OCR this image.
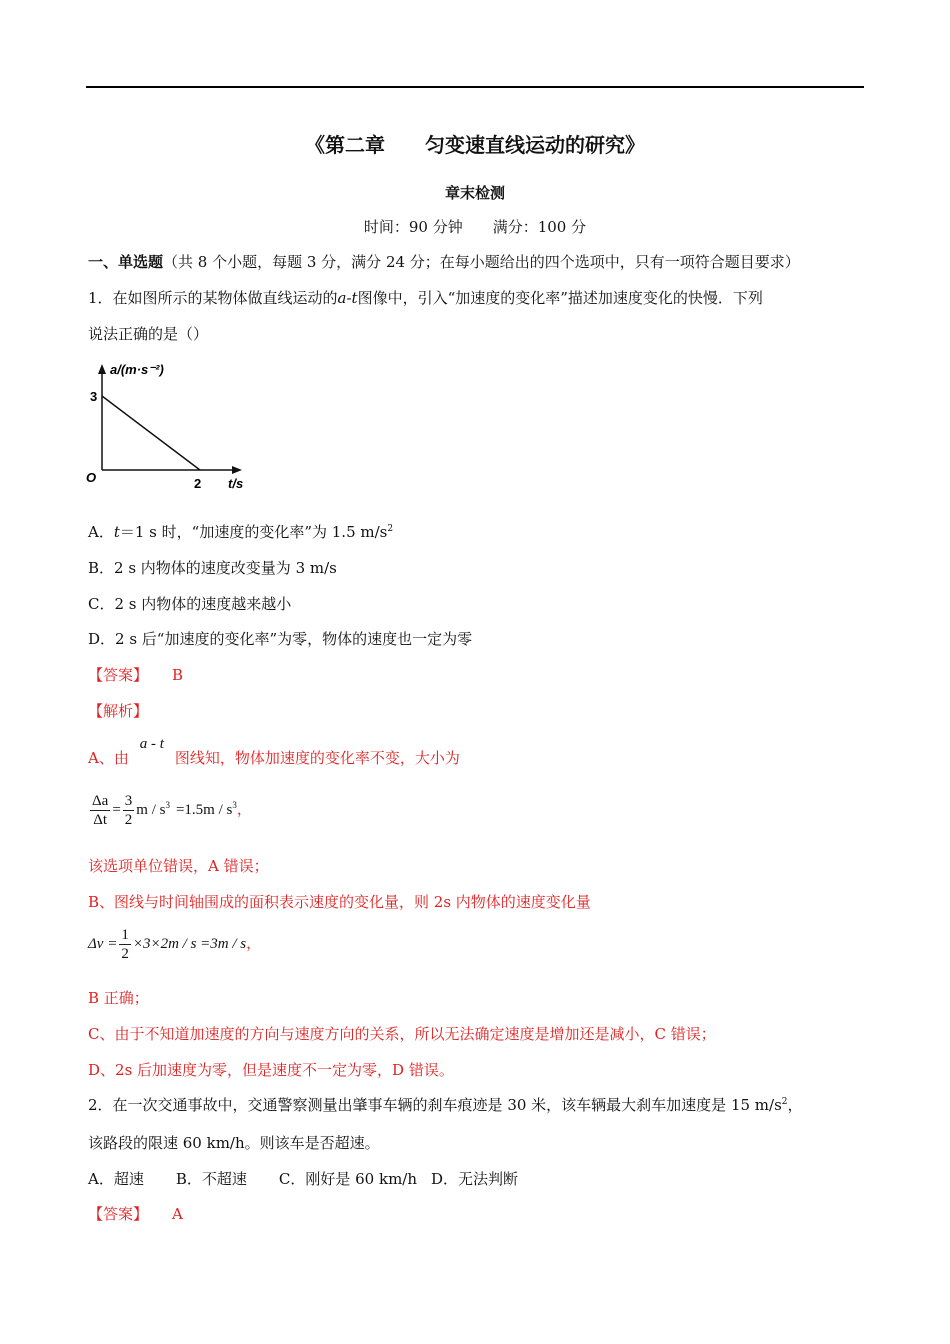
《第二章　　匀变速直线运动的研究》
章末检测
时间：90 分钟　　满分：100 分
一、单选题（共 8 个小题，每题 3 分，满分 24 分；在每小题给出的四个选项中，只有一项符合题目要求）
1．在如图所示的某物体做直线运动的a-t图像中，引入“加速度的变化率”描述加速度变化的快慢．下列
说法正确的是（）
a/(m·s⁻²)
3
O	2 t/s
A．t＝1 s 时，“加速度的变化率”为 1.5 $m/s^2$
B．2 s 内物体的速度改变量为 3 m/s
C．2 s 内物体的速度越来越小
D．2 s 后“加速度的变化率”为零，物体的速度也一定为零
【答案】 B
【解析】
A、由a - t图线知，物体加速度的变化率不变，大小为
$\frac{\Delta a}{\Delta t} = \frac{3}{2}$ $m / s^3 =1.5m / s^3$，
该选项单位错误，A 错误；
B、图线与时间轴围成的面积表示速度的变化量，则 2s 内物体的速度变化量
$\Delta v = \frac{1}{2} \times 3\times 2m / s =3m / s$，
B 正确；
C、由于不知道加速度的方向与速度方向的关系，所以无法确定速度是增加还是减小，C 错误；
D、2s 后加速度为零，但是速度不一定为零，D 错误。
2．在一次交通事故中，交通警察测量出肇事车辆的刹车痕迹是 30 米，该车辆最大刹车加速度是 15 $m/s^2$，
该路段的限速 60 km/h。则该车是否超速。
A．超速 B．不超速 C．刚好是 60 km/h D．无法判断
【答案】 A
